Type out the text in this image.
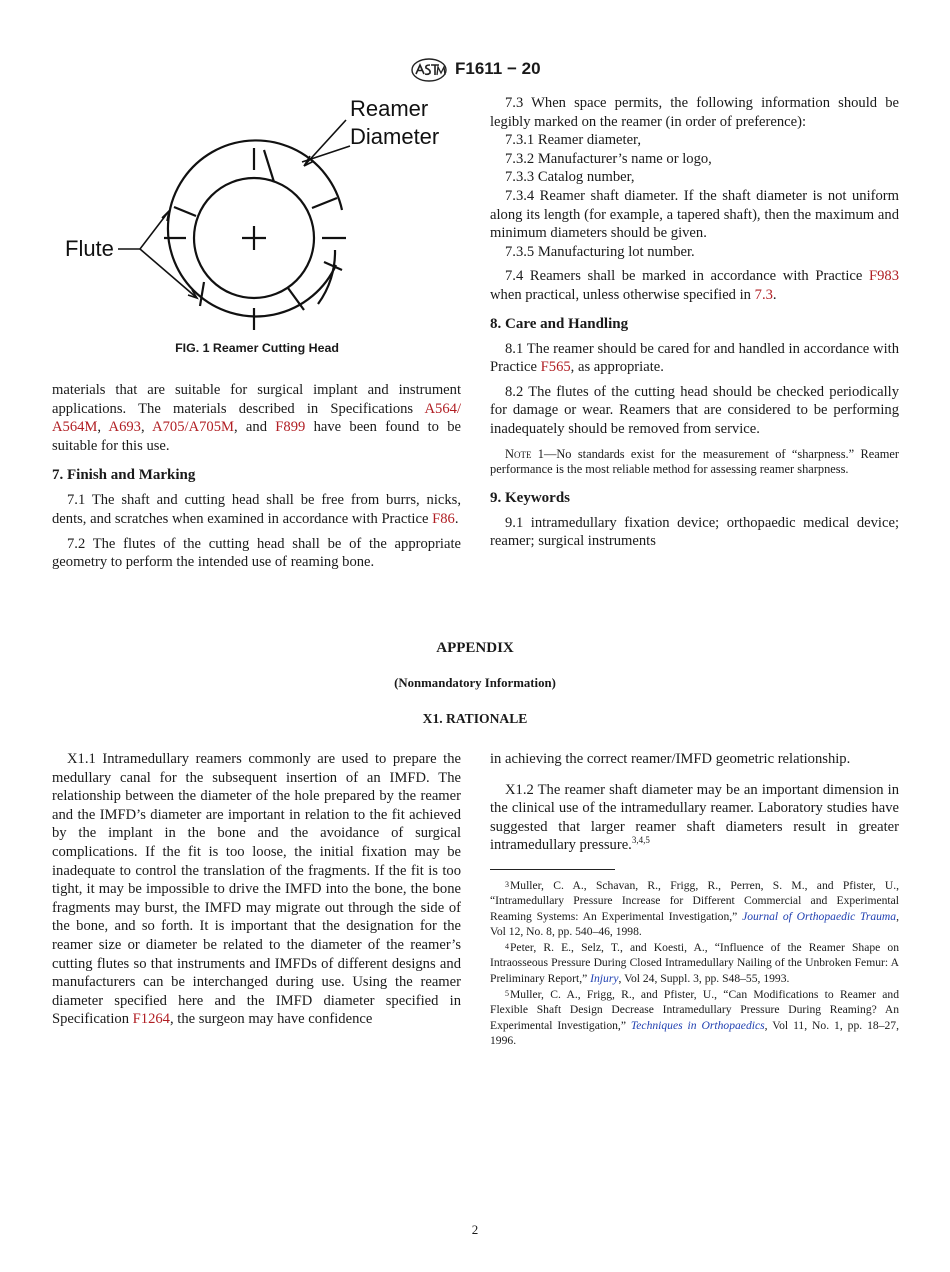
F1611 − 20
Reamer
Diameter
Flute
FIG. 1 Reamer Cutting Head

materials that are suitable for surgical implant and instrument applications. The materials described in Specifications A564/ A564M, A693, A705/A705M, and F899 have been found to be suitable for this use.

7. Finish and Marking

7.1 The shaft and cutting head shall be free from burrs, nicks, dents, and scratches when examined in accordance with Practice F86.

7.2 The flutes of the cutting head shall be of the appropriate geometry to perform the intended use of reaming bone.

7.3 When space permits, the following information should be legibly marked on the reamer (in order of preference):

7.3.1 Reamer diameter,

7.3.2 Manufacturer’s name or logo,

7.3.3 Catalog number,

7.3.4 Reamer shaft diameter. If the shaft diameter is not uniform along its length (for example, a tapered shaft), then the maximum and minimum diameters should be given.

7.3.5 Manufacturing lot number.

7.4 Reamers shall be marked in accordance with Practice F983 when practical, unless otherwise specified in 7.3.

8. Care and Handling

8.1 The reamer should be cared for and handled in accordance with Practice F565, as appropriate.

8.2 The flutes of the cutting head should be checked periodically for damage or wear. Reamers that are considered to be performing inadequately should be removed from service.

Note 1—No standards exist for the measurement of “sharpness.” Reamer performance is the most reliable method for assessing reamer sharpness.

9. Keywords

9.1 intramedullary fixation device; orthopaedic medical device; reamer; surgical instruments

APPENDIX
(Nonmandatory Information)
X1. RATIONALE

X1.1 Intramedullary reamers commonly are used to prepare the medullary canal for the subsequent insertion of an IMFD. The relationship between the diameter of the hole prepared by the reamer and the IMFD’s diameter are important in relation to the fit achieved by the implant in the bone and the avoidance of surgical complications. If the fit is too loose, the initial fixation may be inadequate to control the translation of the fragments. If the fit is too tight, it may be impossible to drive the IMFD into the bone, the bone fragments may burst, the IMFD may migrate out through the side of the bone, and so forth. It is important that the designation for the reamer size or diameter be related to the diameter of the reamer’s cutting flutes so that instruments and IMFDs of different designs and manufacturers can be interchanged during use. Using the reamer diameter specified here and the IMFD diameter specified in Specification F1264, the surgeon may have confidence

in achieving the correct reamer/IMFD geometric relationship.

X1.2 The reamer shaft diameter may be an important dimension in the clinical use of the intramedullary reamer. Laboratory studies have suggested that larger reamer shaft diameters result in greater intramedullary pressure.$^{3,4,5}$

$^3$ Muller, C. A., Schavan, R., Frigg, R., Perren, S. M., and Pfister, U., “Intramedullary Pressure Increase for Different Commercial and Experimental Reaming Systems: An Experimental Investigation,” Journal of Orthopaedic Trauma, Vol 12, No. 8, pp. 540–46, 1998.

$^4$ Peter, R. E., Selz, T., and Koesti, A., “Influence of the Reamer Shape on Intraosseous Pressure During Closed Intramedullary Nailing of the Unbroken Femur: A Preliminary Report,” Injury, Vol 24, Suppl. 3, pp. S48–55, 1993.

$^5$ Muller, C. A., Frigg, R., and Pfister, U., “Can Modifications to Reamer and Flexible Shaft Design Decrease Intramedullary Pressure During Reaming? An Experimental Investigation,” Techniques in Orthopaedics, Vol 11, No. 1, pp. 18–27, 1996.

2
